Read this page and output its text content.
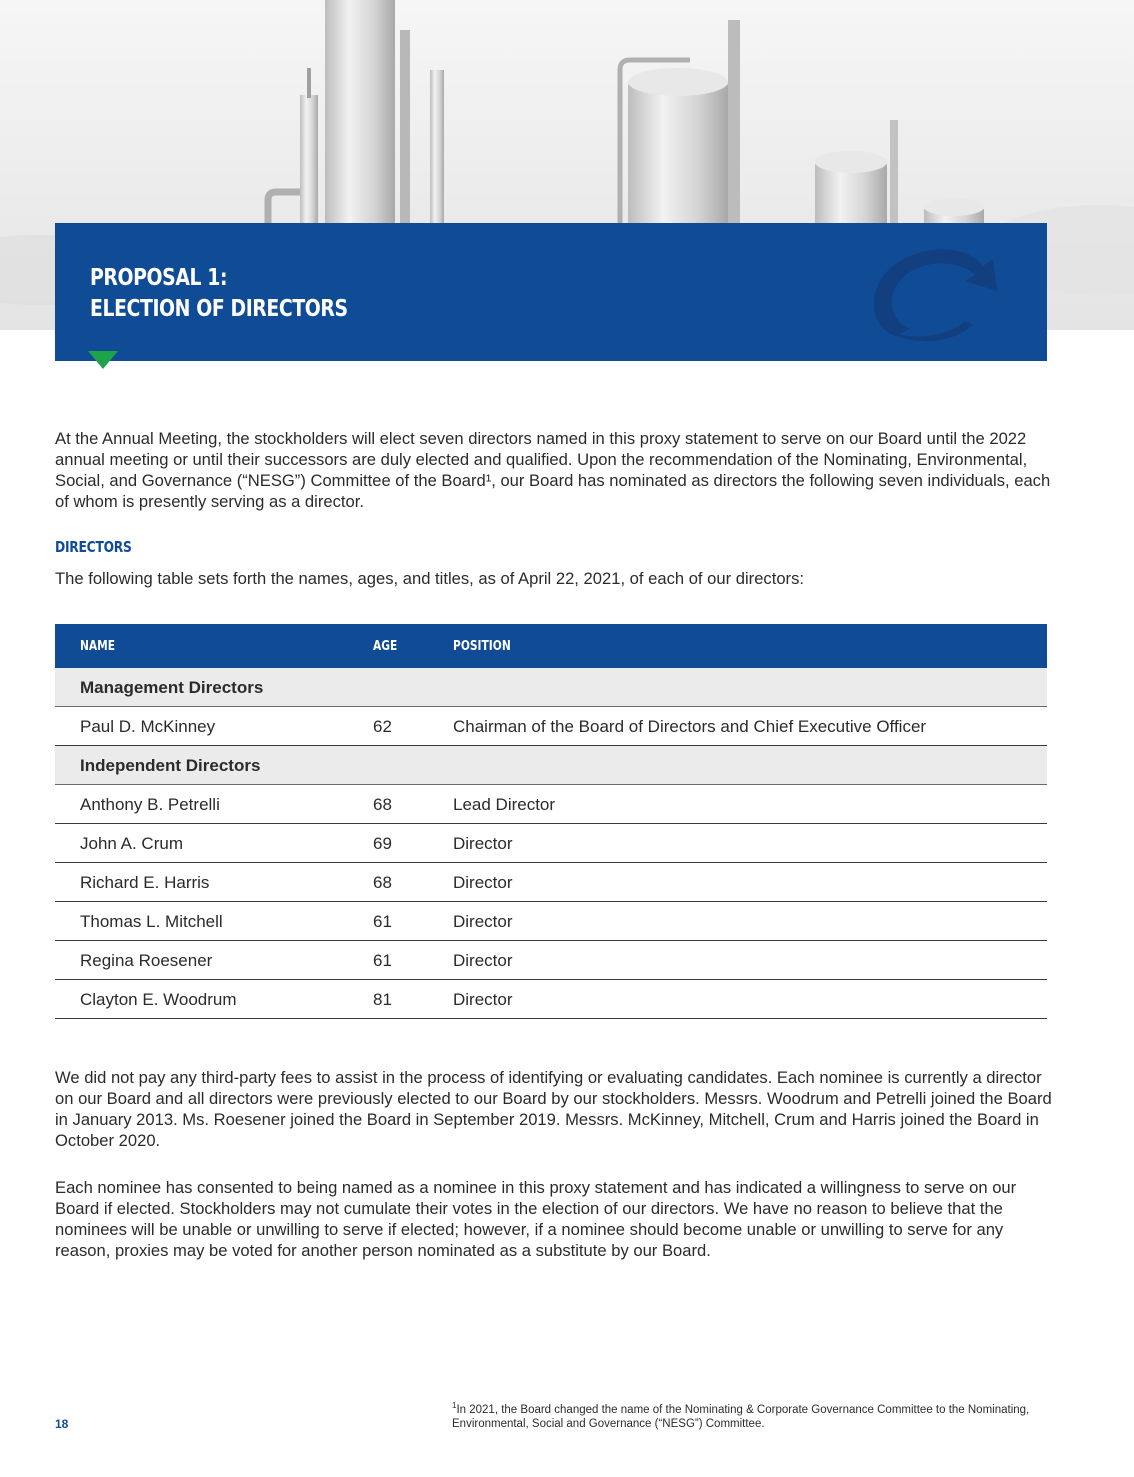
PROPOSAL 1:
ELECTION OF DIRECTORS

At the Annual Meeting, the stockholders will elect seven directors named in this proxy statement to serve on our Board until the 2022 annual meeting or until their successors are duly elected and qualified. Upon the recommendation of the Nominating, Environmental, Social, and Governance (“NESG”) Committee of the Board¹, our Board has nominated as directors the following seven individuals, each of whom is presently serving as a director.

DIRECTORS

The following table sets forth the names, ages, and titles, as of April 22, 2021, of each of our directors:

NAME	AGE	POSITION
Management Directors
Paul D. McKinney	62	Chairman of the Board of Directors and Chief Executive Officer
Independent Directors
Anthony B. Petrelli	68	Lead Director
John A. Crum	69	Director
Richard E. Harris	68	Director
Thomas L. Mitchell	61	Director
Regina Roesener	61	Director
Clayton E. Woodrum	81	Director

We did not pay any third-party fees to assist in the process of identifying or evaluating candidates. Each nominee is currently a director on our Board and all directors were previously elected to our Board by our stockholders. Messrs. Woodrum and Petrelli joined the Board in January 2013. Ms. Roesener joined the Board in September 2019. Messrs. McKinney, Mitchell, Crum and Harris joined the Board in October 2020.

Each nominee has consented to being named as a nominee in this proxy statement and has indicated a willingness to serve on our Board if elected. Stockholders may not cumulate their votes in the election of our directors. We have no reason to believe that the nominees will be unable or unwilling to serve if elected; however, if a nominee should become unable or unwilling to serve for any reason, proxies may be voted for another person nominated as a substitute by our Board.

$^1$In 2021, the Board changed the name of the Nominating & Corporate Governance Committee to the Nominating, Environmental, Social and Governance (“NESG”) Committee.
18
